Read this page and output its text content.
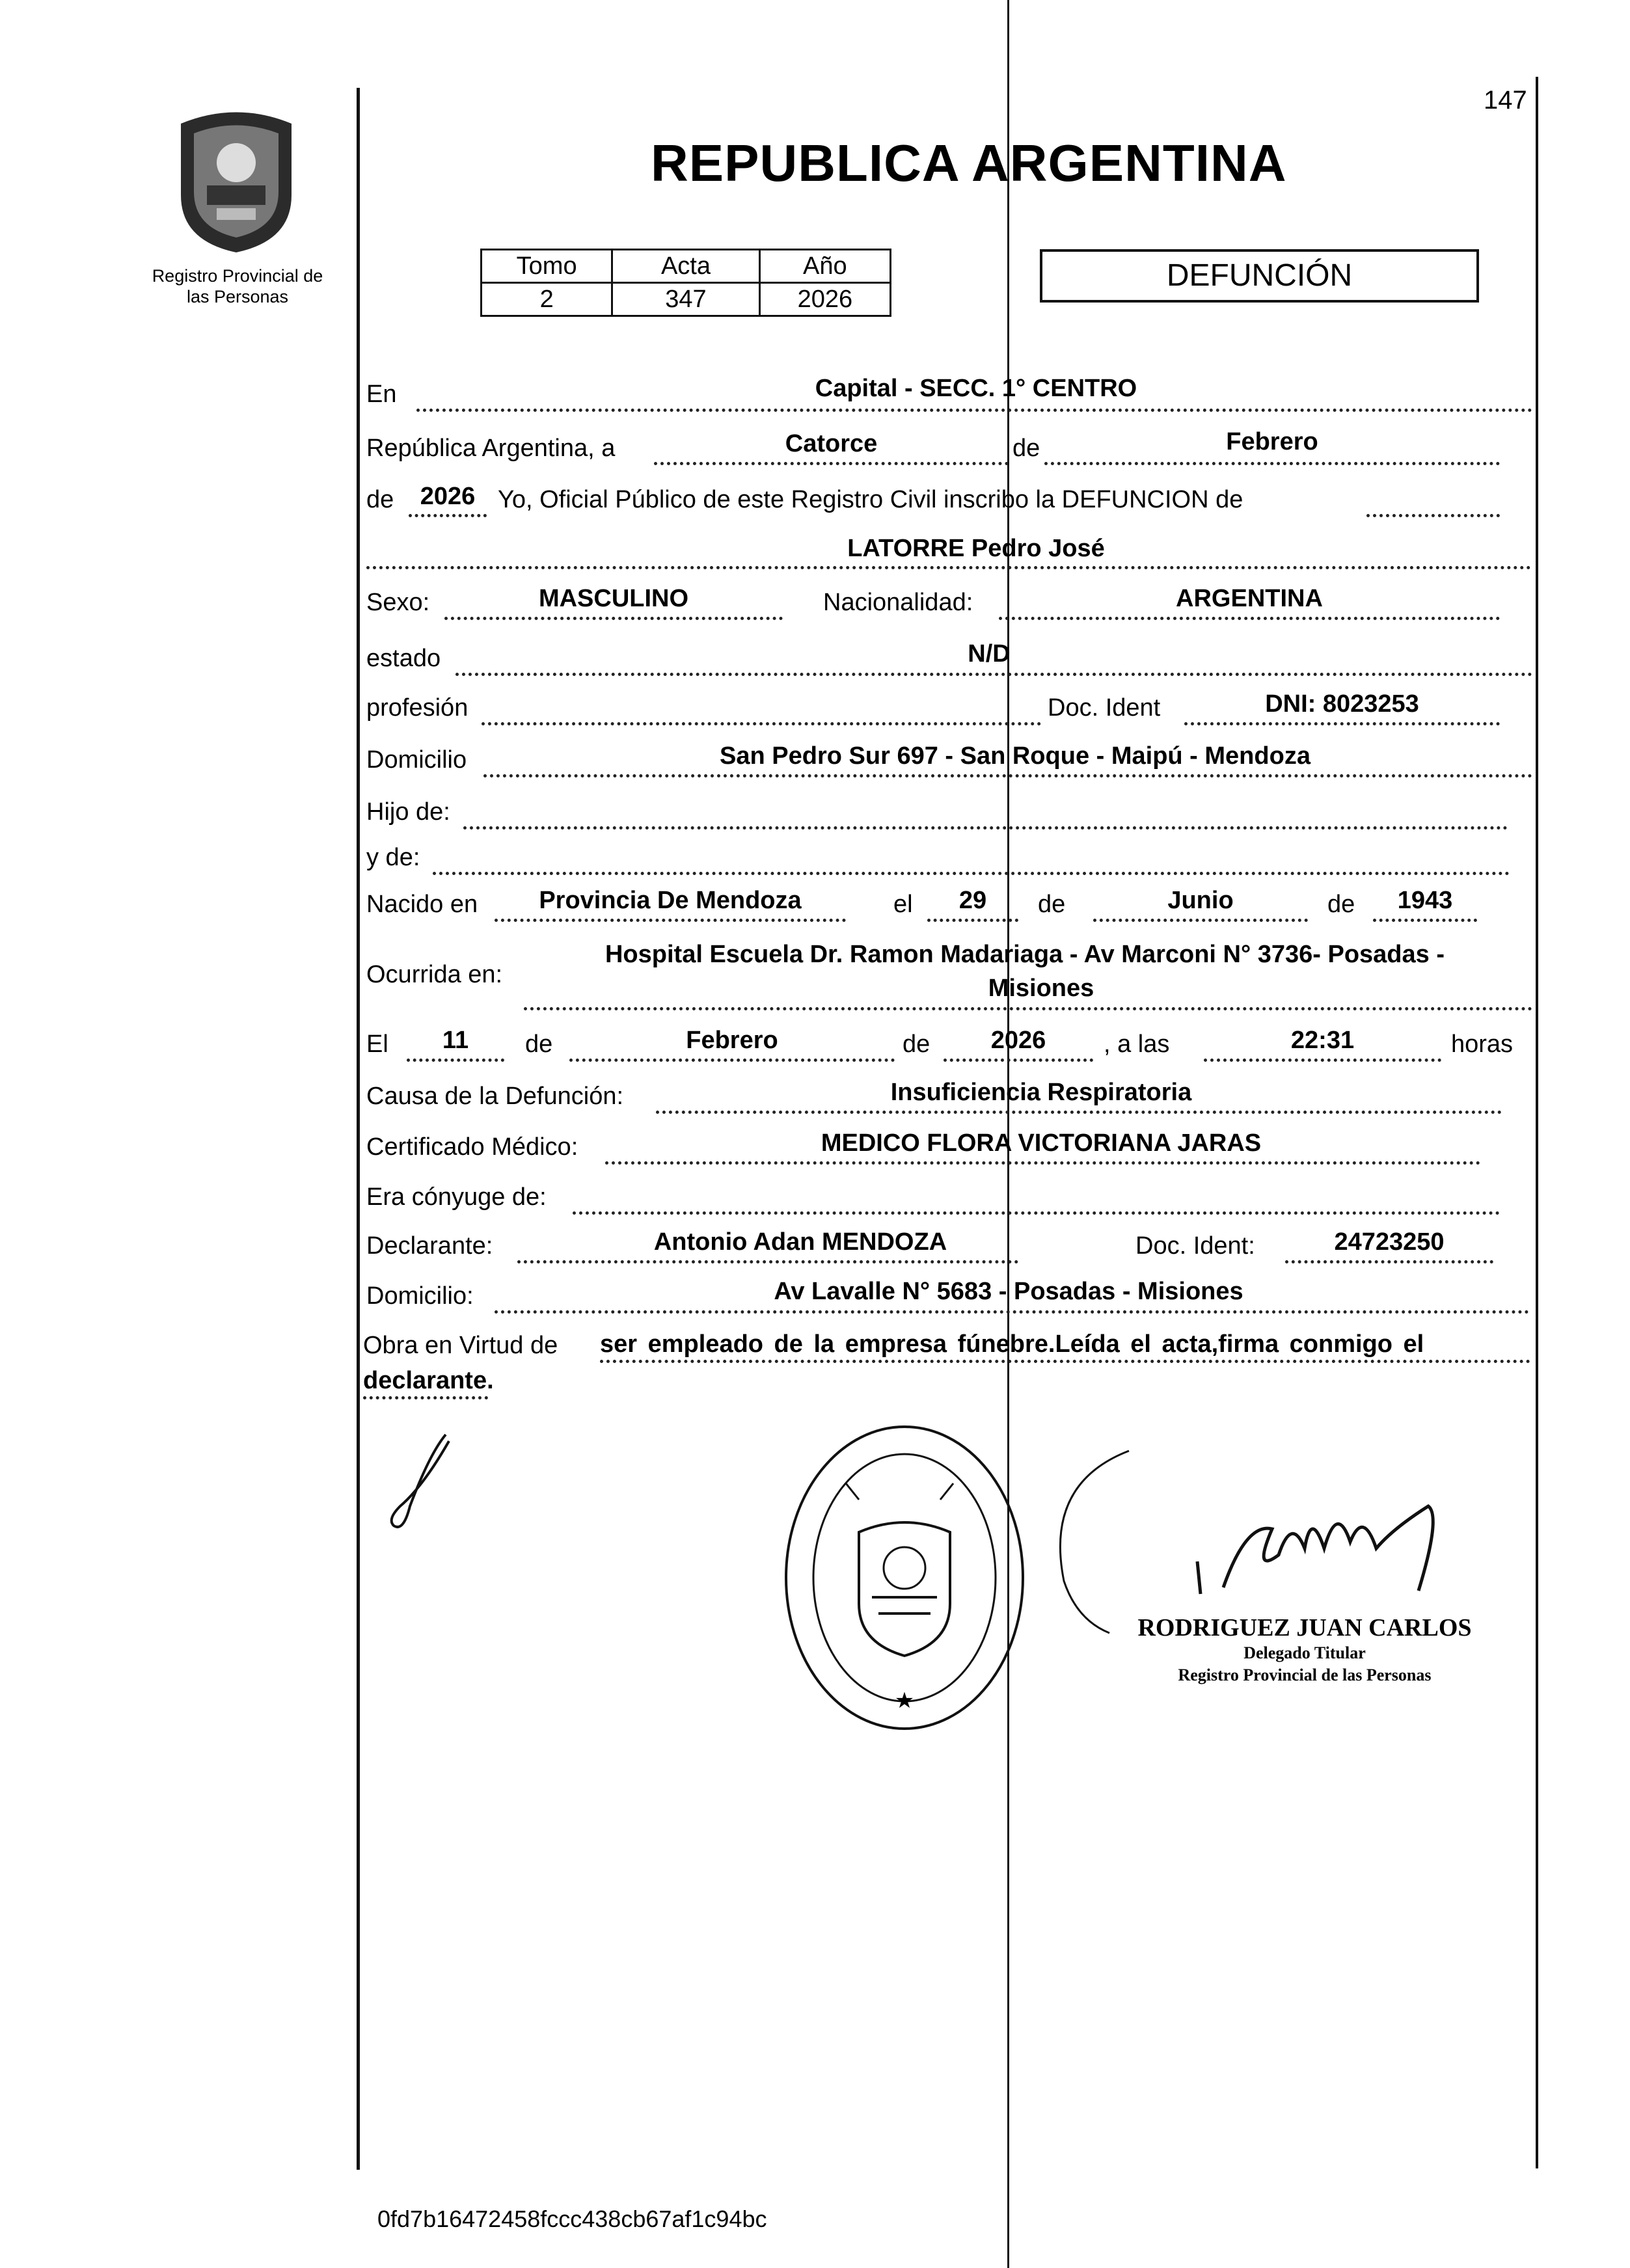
Registro Provincial de
las Personas
147
REPUBLICA ARGENTINA
Tomo	Acta	Año
2	347	2026
DEFUNCIÓN
En	Capital - SECC. 1° CENTRO
República Argentina, a	Catorce	de	Febrero
de	2026 Yo, Oficial Público de este Registro Civil inscribo la DEFUNCION de
LATORRE Pedro José
Sexo:	MASCULINO	Nacionalidad:	ARGENTINA
estado	N/D
profesión	Doc. Ident	DNI: 8023253
Domicilio	San Pedro Sur 697 - San Roque - Maipú - Mendoza
Hijo de:
y de:
Nacido en	Provincia De Mendoza	el	29	de	Junio	de	1943
Ocurrida en:
Hospital Escuela Dr. Ramon Madariaga - Av Marconi N° 3736- Posadas -
Misiones
El	11	de	Febrero	de	2026	, a las	22:31	horas
Causa de la Defunción:	Insuficiencia Respiratoria
Certificado Médico:	MEDICO FLORA VICTORIANA JARAS
Era cónyuge de:
Declarante:	Antonio Adan MENDOZA	Doc. Ident:	24723250
Domicilio:	Av Lavalle N° 5683 - Posadas - Misiones
Obra en Virtud de ser empleado de la empresa fúnebre.Leída el acta,firma conmigo el
declarante.
★
RODRIGUEZ JUAN CARLOS
Delegado Titular
Registro Provincial de las Personas
0fd7b16472458fccc438cb67af1c94bc
